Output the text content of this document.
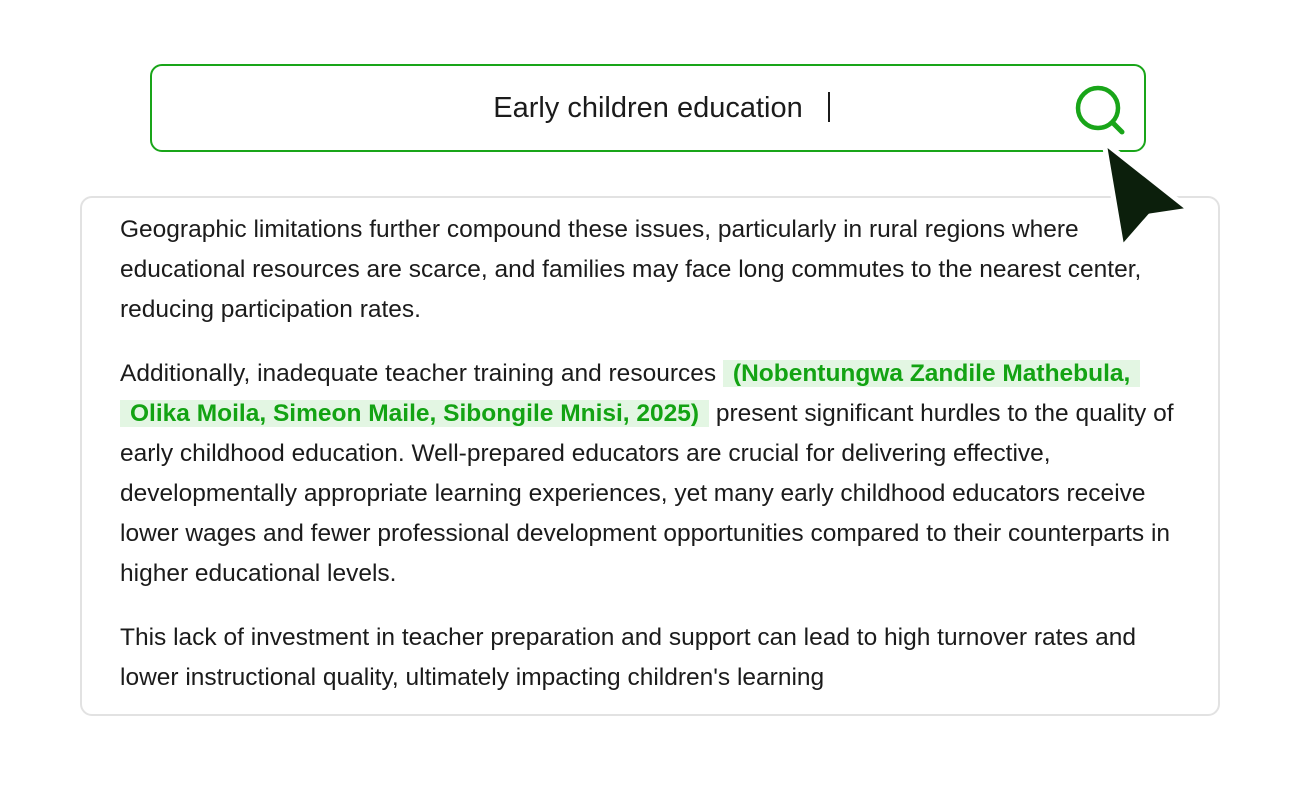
Early children education

Geographic limitations further compound these issues, particularly in rural regions where educational resources are scarce, and families may face long commutes to the nearest center, reducing participation rates.

Additionally, inadequate teacher training and resources (Nobentungwa Zandile Mathebula, Olika Moila, Simeon Maile, Sibongile Mnisi, 2025) present significant hurdles to the quality of early childhood education. Well-prepared educators are crucial for delivering effective, developmentally appropriate learning experiences, yet many early childhood educators receive lower wages and fewer professional development opportunities compared to their counterparts in higher educational levels.

This lack of investment in teacher preparation and support can lead to high turnover rates and lower instructional quality, ultimately impacting children's learning
